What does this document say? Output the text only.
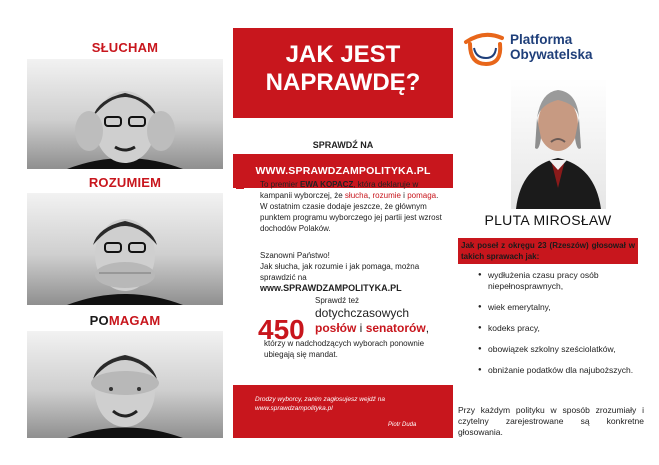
SŁUCHAM
ROZUMIEM
POMAGAM
JAK JEST
NAPRAWDĘ?
SPRAWDŹ NA
WWW.SPRAWDZAMPOLITYKA.PL
To premier EWA KOPACZ, która deklaruje w kampanii wyborczej, że słucha, rozumie i pomaga. W ostatnim czasie dodaje jeszcze, że głównym punktem programu wyborczego jej partii jest wzrost dochodów Polaków.
Szanowni Państwo!
Jak słucha, jak rozumie i jak pomaga, można sprawdzić na www.SPRAWDZAMPOLITYKA.PL
Sprawdź też
450
dotychczasowych
posłów i senatorów,
którzy w nadchodzących wyborach ponownie ubiegają się mandat.
Drodzy wyborcy, zanim zagłosujesz wejdź na www.sprawdzampolityka.pl
Piotr Duda
Platforma
Obywatelska
PLUTA MIROSŁAW
Jak poseł z okręgu 23 (Rzeszów) głosował w takich sprawach jak:
● wydłużenia czasu pracy osób niepełnosprawnych,
● wiek emerytalny,
● kodeks pracy,
● obowiązek szkolny sześciolatków,
● obniżanie podatków dla najuboższych.
Przy każdym polityku w sposób zrozumiały i czytelny zarejestrowane są konkretne głosowania.
